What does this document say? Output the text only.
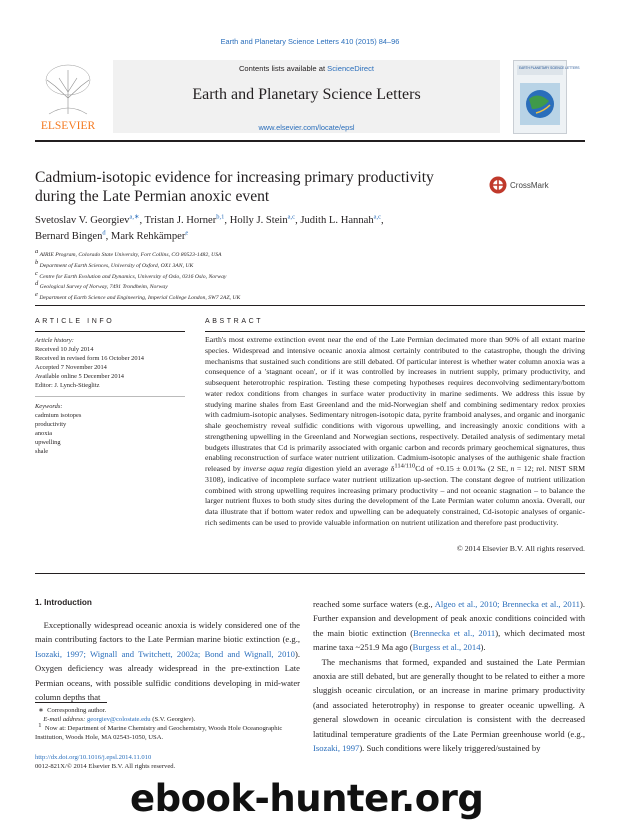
Earth and Planetary Science Letters 410 (2015) 84–96
Contents lists available at ScienceDirect
Earth and Planetary Science Letters
www.elsevier.com/locate/epsl
ELSEVIER
EARTH PLANETARY SCIENCE LETTERS
Cadmium-isotopic evidence for increasing primary productivity during the Late Permian anoxic event
CrossMark
Svetoslav V. Georgiev$^{a,∗}$, Tristan J. Horner$^{b,1}$, Holly J. Stein$^{a,c}$, Judith L. Hannah$^{a,c}$,
Bernard Bingen$^d$, Mark Rehkämper$^e$
$^a$ AIRIE Program, Colorado State University, Fort Collins, CO 80523-1482, USA
$^b$ Department of Earth Sciences, University of Oxford, OX1 3AN, UK
$^c$ Centre for Earth Evolution and Dynamics, University of Oslo, 0316 Oslo, Norway
$^d$ Geological Survey of Norway, 7491 Trondheim, Norway
$^e$ Department of Earth Science and Engineering, Imperial College London, SW7 2AZ, UK
ARTICLE INFO
Article history:
Received 10 July 2014
Received in revised form 16 October 2014
Accepted 7 November 2014
Available online 5 December 2014
Editor: J. Lynch-Stieglitz
Keywords:
cadmium isotopes
productivity
anoxia
upwelling
shale
ABSTRACT
Earth's most extreme extinction event near the end of the Late Permian decimated more than 90% of all extant marine species. Widespread and intensive oceanic anoxia almost certainly contributed to the catastrophe, though the driving mechanisms that sustained such conditions are still debated. Of particular interest is whether water column anoxia was a consequence of a 'stagnant ocean', or if it was controlled by increases in nutrient supply, primary productivity, and subsequent heterotrophic respiration. Testing these competing hypotheses requires deconvolving sedimentary/bottom water redox conditions from changes in surface water productivity in marine sediments. We address this issue by studying marine shales from East Greenland and the mid-Norwegian shelf and combining sedimentary redox proxies with cadmium-isotopic analyses. Sedimentary nitrogen-isotopic data, pyrite framboid analyses, and organic and inorganic shale geochemistry reveal sulfidic conditions with vigorous upwelling, and increasingly anoxic conditions with a strengthening upwelling in the Greenland and Norwegian sections, respectively. Detailed analysis of sedimentary metal budgets illustrates that Cd is primarily associated with organic carbon and records primary geochemical signatures, thus enabling reconstruction of surface water nutrient utilization. Cadmium-isotopic analyses of the authigenic shale fraction released by inverse aqua regia digestion yield an average $\delta^{114/110}Cd$ of +0.15 ± 0.01‰ (2 SE, n = 12; rel. NIST SRM 3108), indicative of incomplete surface water nutrient utilization up-section. The constant degree of nutrient utilization combined with strong upwelling requires increasing primary productivity – and not oceanic stagnation – to balance the larger nutrient fluxes to both study sites during the development of the Late Permian water column anoxia. Overall, our data illustrate that if bottom water redox and upwelling can be adequately constrained, Cd-isotopic analyses of organic-rich sediments can be used to provide valuable information on nutrient utilization and therefore past productivity.
© 2014 Elsevier B.V. All rights reserved.
1. Introduction
 Exceptionally widespread oceanic anoxia is widely considered one of the main contributing factors to the Late Permian marine biotic extinction (e.g., Isozaki, 1997; Wignall and Twitchett, 2002a; Bond and Wignall, 2010). Oxygen deficiency was already widespread in the pre-extinction Late Permian oceans, with possible sulfidic conditions developing in mid-water column depths that
reached some surface waters (e.g., Algeo et al., 2010; Brennecka et al., 2011). Further expansion and development of peak anoxic conditions coincided with the main biotic extinction (Brennecka et al., 2011), which decimated most marine taxa ~251.9 Ma ago (Burgess et al., 2014).
 The mechanisms that formed, expanded and sustained the Late Permian anoxia are still debated, but are generally thought to be related to either a more sluggish oceanic circulation, or an increase in marine primary productivity (and associated heterotrophy) in response to greater oceanic upwelling. A general slowdown in oceanic circulation is consistent with the decreased latitudinal temperature gradients of the Late Permian greenhouse world (e.g., Isozaki, 1997). Such conditions were likely triggered/sustained by
∗  Corresponding author.
  E-mail address: georgiev@colostate.edu (S.V. Georgiev).
$^1$ Now at: Department of Marine Chemistry and Geochemistry, Woods Hole Oceanographic Institution, Woods Hole, MA 02543-1050, USA.
http://dx.doi.org/10.1016/j.epsl.2014.11.010
0012-821X/© 2014 Elsevier B.V. All rights reserved.
ebook-hunter.org
